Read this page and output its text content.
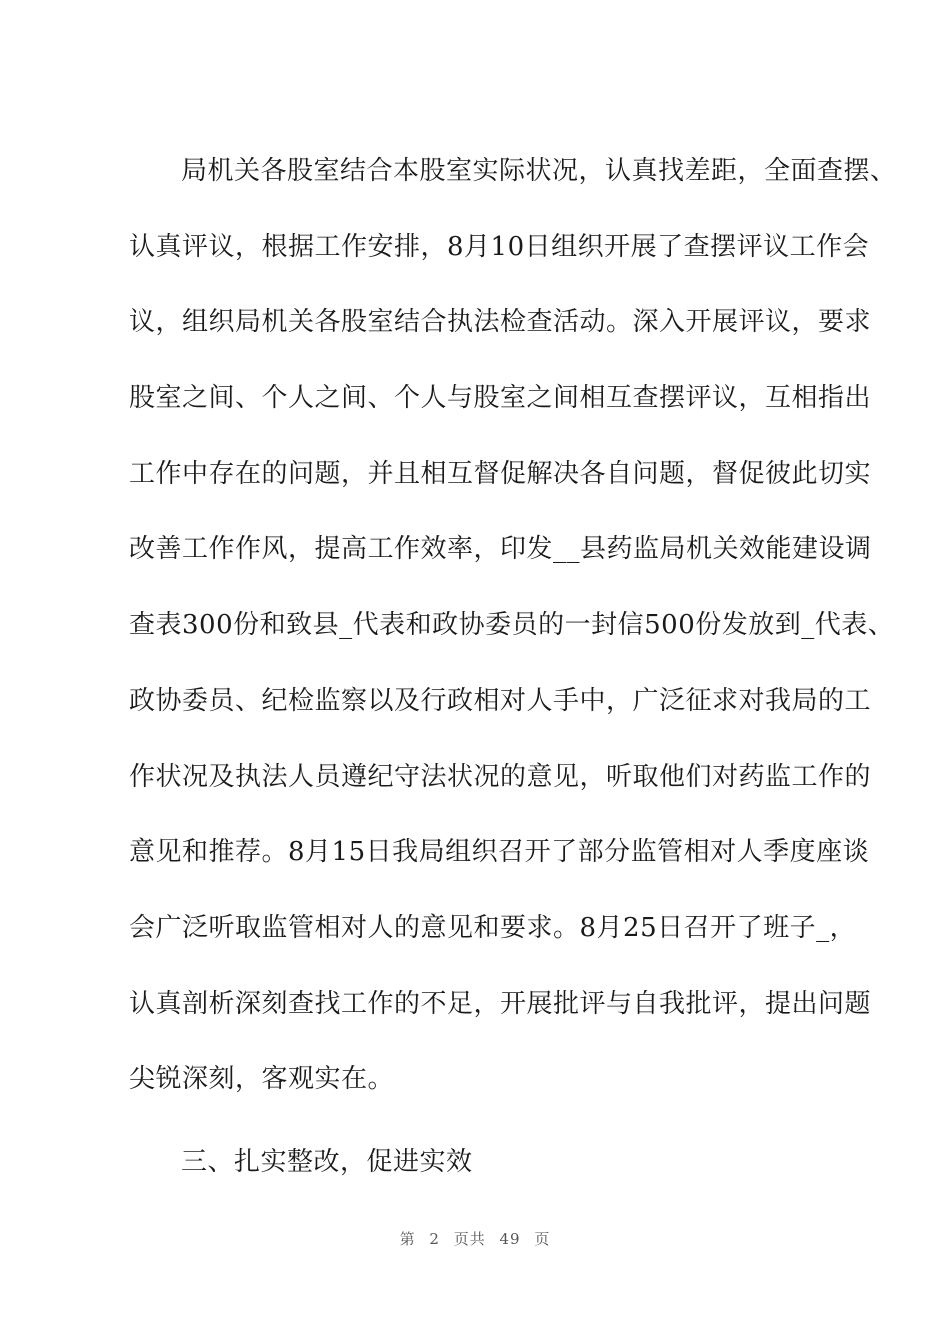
局机关各股室结合本股室实际状况，认真找差距，全面查摆、
认真评议，根据工作安排，8月10日组织开展了查摆评议工作会
议，组织局机关各股室结合执法检查活动。深入开展评议，要求
股室之间、个人之间、个人与股室之间相互查摆评议，互相指出
工作中存在的问题，并且相互督促解决各自问题，督促彼此切实
改善工作作风，提高工作效率，印发__县药监局机关效能建设调
查表300份和致县_代表和政协委员的一封信500份发放到_代表、
政协委员、纪检监察以及行政相对人手中，广泛征求对我局的工
作状况及执法人员遵纪守法状况的意见，听取他们对药监工作的
意见和推荐。8月15日我局组织召开了部分监管相对人季度座谈
会广泛听取监管相对人的意见和要求。8月25日召开了班子_，
认真剖析深刻查找工作的不足，开展批评与自我批评，提出问题
尖锐深刻，客观实在。
三、扎实整改，促进实效
第 2 页共 49 页
